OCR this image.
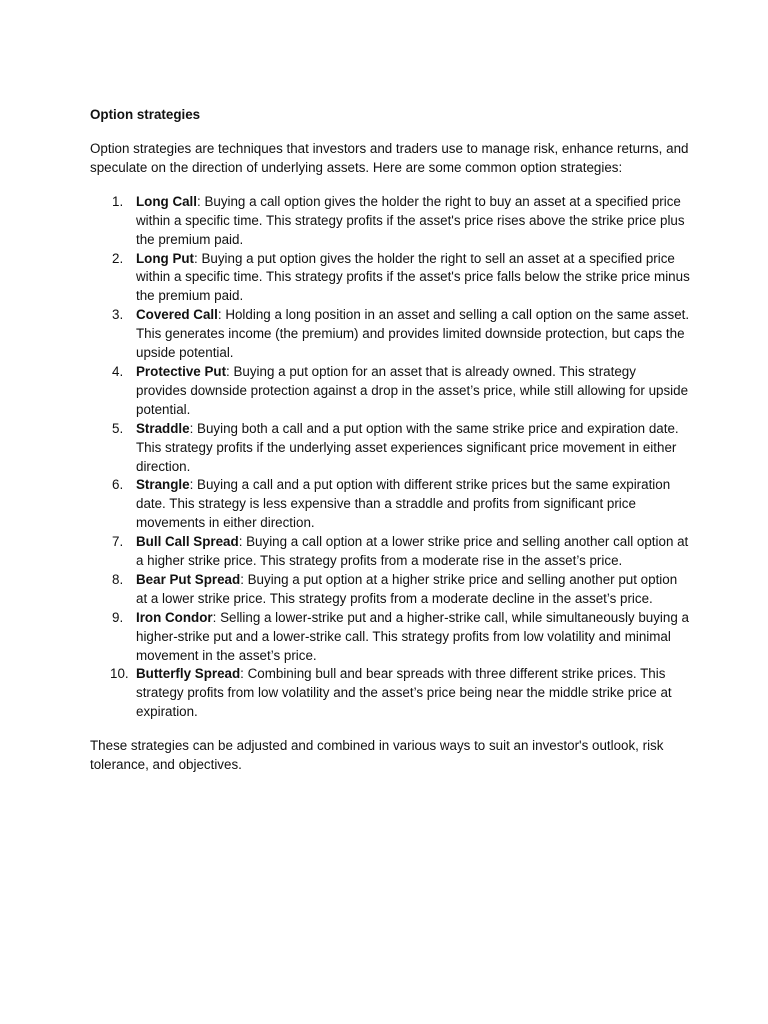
Option strategies

Option strategies are techniques that investors and traders use to manage risk, enhance returns, and speculate on the direction of underlying assets. Here are some common option strategies:

1. Long Call: Buying a call option gives the holder the right to buy an asset at a specified price within a specific time. This strategy profits if the asset's price rises above the strike price plus the premium paid.
2. Long Put: Buying a put option gives the holder the right to sell an asset at a specified price within a specific time. This strategy profits if the asset's price falls below the strike price minus the premium paid.
3. Covered Call: Holding a long position in an asset and selling a call option on the same asset. This generates income (the premium) and provides limited downside protection, but caps the upside potential.
4. Protective Put: Buying a put option for an asset that is already owned. This strategy provides downside protection against a drop in the asset’s price, while still allowing for upside potential.
5. Straddle: Buying both a call and a put option with the same strike price and expiration date. This strategy profits if the underlying asset experiences significant price movement in either direction.
6. Strangle: Buying a call and a put option with different strike prices but the same expiration date. This strategy is less expensive than a straddle and profits from significant price movements in either direction.
7. Bull Call Spread: Buying a call option at a lower strike price and selling another call option at a higher strike price. This strategy profits from a moderate rise in the asset’s price.
8. Bear Put Spread: Buying a put option at a higher strike price and selling another put option at a lower strike price. This strategy profits from a moderate decline in the asset’s price.
9. Iron Condor: Selling a lower-strike put and a higher-strike call, while simultaneously buying a higher-strike put and a lower-strike call. This strategy profits from low volatility and minimal movement in the asset’s price.
10. Butterfly Spread: Combining bull and bear spreads with three different strike prices. This strategy profits from low volatility and the asset’s price being near the middle strike price at expiration.

These strategies can be adjusted and combined in various ways to suit an investor's outlook, risk tolerance, and objectives.
